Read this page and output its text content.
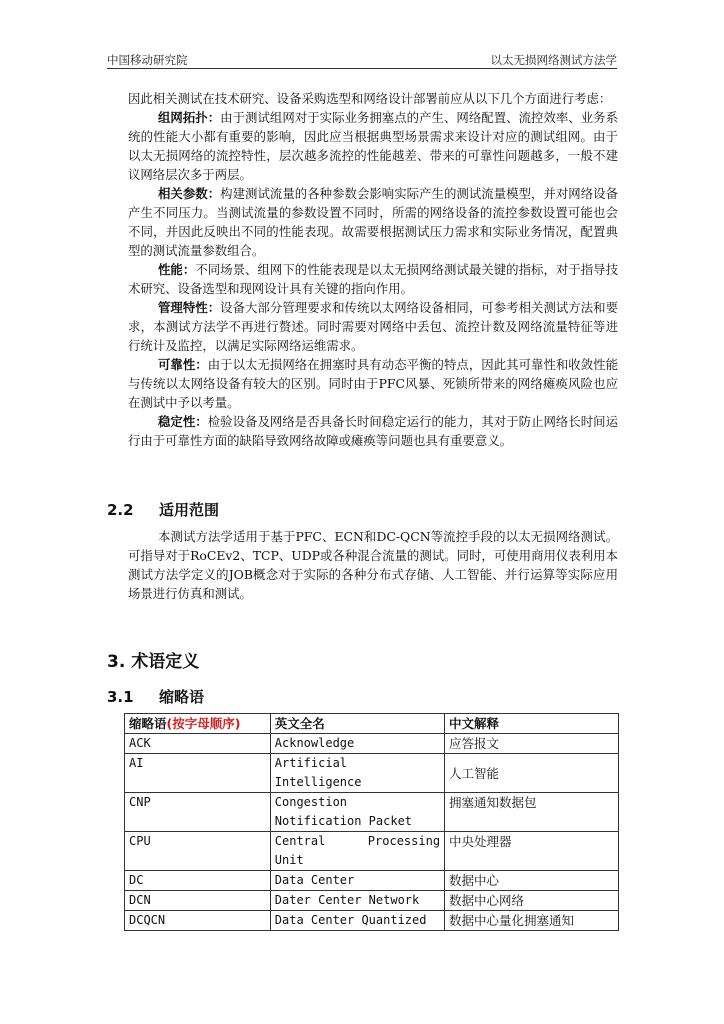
中国移动研究院	以太无损网络测试方法学

因此相关测试在技术研究、设备采购选型和网络设计部署前应从以下几个方面进行考虑：

组网拓扑：由于测试组网对于实际业务拥塞点的产生、网络配置、流控效率、业务系统的性能大小都有重要的影响，因此应当根据典型场景需求来设计对应的测试组网。由于以太无损网络的流控特性，层次越多流控的性能越差、带来的可靠性问题越多，一般不建议网络层次多于两层。

相关参数：构建测试流量的各种参数会影响实际产生的测试流量模型，并对网络设备产生不同压力。当测试流量的参数设置不同时，所需的网络设备的流控参数设置可能也会不同，并因此反映出不同的性能表现。故需要根据测试压力需求和实际业务情况，配置典型的测试流量参数组合。

性能：不同场景、组网下的性能表现是以太无损网络测试最关键的指标，对于指导技术研究、设备选型和现网设计具有关键的指向作用。

管理特性：设备大部分管理要求和传统以太网络设备相同，可参考相关测试方法和要求，本测试方法学不再进行赘述。同时需要对网络中丢包、流控计数及网络流量特征等进行统计及监控，以满足实际网络运维需求。

可靠性：由于以太无损网络在拥塞时具有动态平衡的特点，因此其可靠性和收敛性能与传统以太网络设备有较大的区别。同时由于PFC风暴、死锁所带来的网络瘫痪风险也应在测试中予以考量。

稳定性：检验设备及网络是否具备长时间稳定运行的能力，其对于防止网络长时间运行由于可靠性方面的缺陷导致网络故障或瘫痪等问题也具有重要意义。

2.2 适用范围

本测试方法学适用于基于PFC、ECN和DC-QCN等流控手段的以太无损网络测试。可指导对于RoCEv2、TCP、UDP或各种混合流量的测试。同时，可使用商用仪表利用本测试方法学定义的JOB概念对于实际的各种分布式存储、人工智能、并行运算等实际应用场景进行仿真和测试。

3. 术语定义
3.1 缩略语
缩略语(按字母顺序)	英文全名	中文解释
ACK	Acknowledge	应答报文
AI	Artificial Intelligence	人工智能
CNP	Congestion Notification Packet	拥塞通知数据包
CPU	Central Processing Unit	中央处理器
DC	Data Center	数据中心
DCN	Dater Center Network	数据中心网络
DCQCN	Data Center Quantized	数据中心量化拥塞通知
